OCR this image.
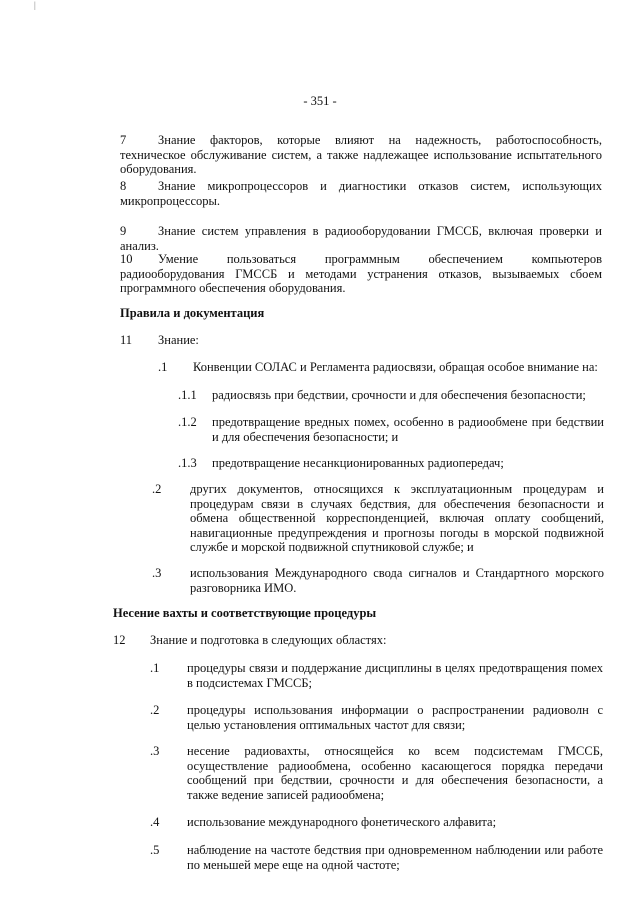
|
- 351 -
7	Знание факторов, которые влияют на надежность, работоспособность, техническое обслуживание систем, а также надлежащее использование испытательного оборудования.
8	Знание микропроцессоров и диагностики отказов систем, использующих микропроцессоры.
9	Знание систем управления в радиооборудовании ГМССБ, включая проверки и анализ.
10	Умение пользоваться программным обеспечением компьютеров радиооборудования ГМССБ и методами устранения отказов, вызываемых сбоем программного обеспечения оборудования.
Правила и документация
11 Знание:
.1 Конвенции СОЛАС и Регламента радиосвязи, обращая особое внимание на:
.1.1 радиосвязь при бедствии, срочности и для обеспечения безопасности;
.1.2 предотвращение вредных помех, особенно в радиообмене при бедствии и для обеспечения безопасности; и
.1.3 предотвращение несанкционированных радиопередач;
.2 других документов, относящихся к эксплуатационным процедурам и процедурам связи в случаях бедствия, для обеспечения безопасности и обмена общественной корреспонденцией, включая оплату сообщений, навигационные предупреждения и прогнозы погоды в морской подвижной службе и морской подвижной спутниковой службе; и
.3 использования Международного свода сигналов и Стандартного морского разговорника ИМО.
Несение вахты и соответствующие процедуры
12 Знание и подготовка в следующих областях:
.1 процедуры связи и поддержание дисциплины в целях предотвращения помех в подсистемах ГМССБ;
.2 процедуры использования информации о распространении радиоволн с целью установления оптимальных частот для связи;
.3 несение радиовахты, относящейся ко всем подсистемам ГМССБ, осуществление радиообмена, особенно касающегося порядка передачи сообщений при бедствии, срочности и для обеспечения безопасности, а также ведение записей радиообмена;
.4 использование международного фонетического алфавита;
.5 наблюдение на частоте бедствия при одновременном наблюдении или работе по меньшей мере еще на одной частоте;
